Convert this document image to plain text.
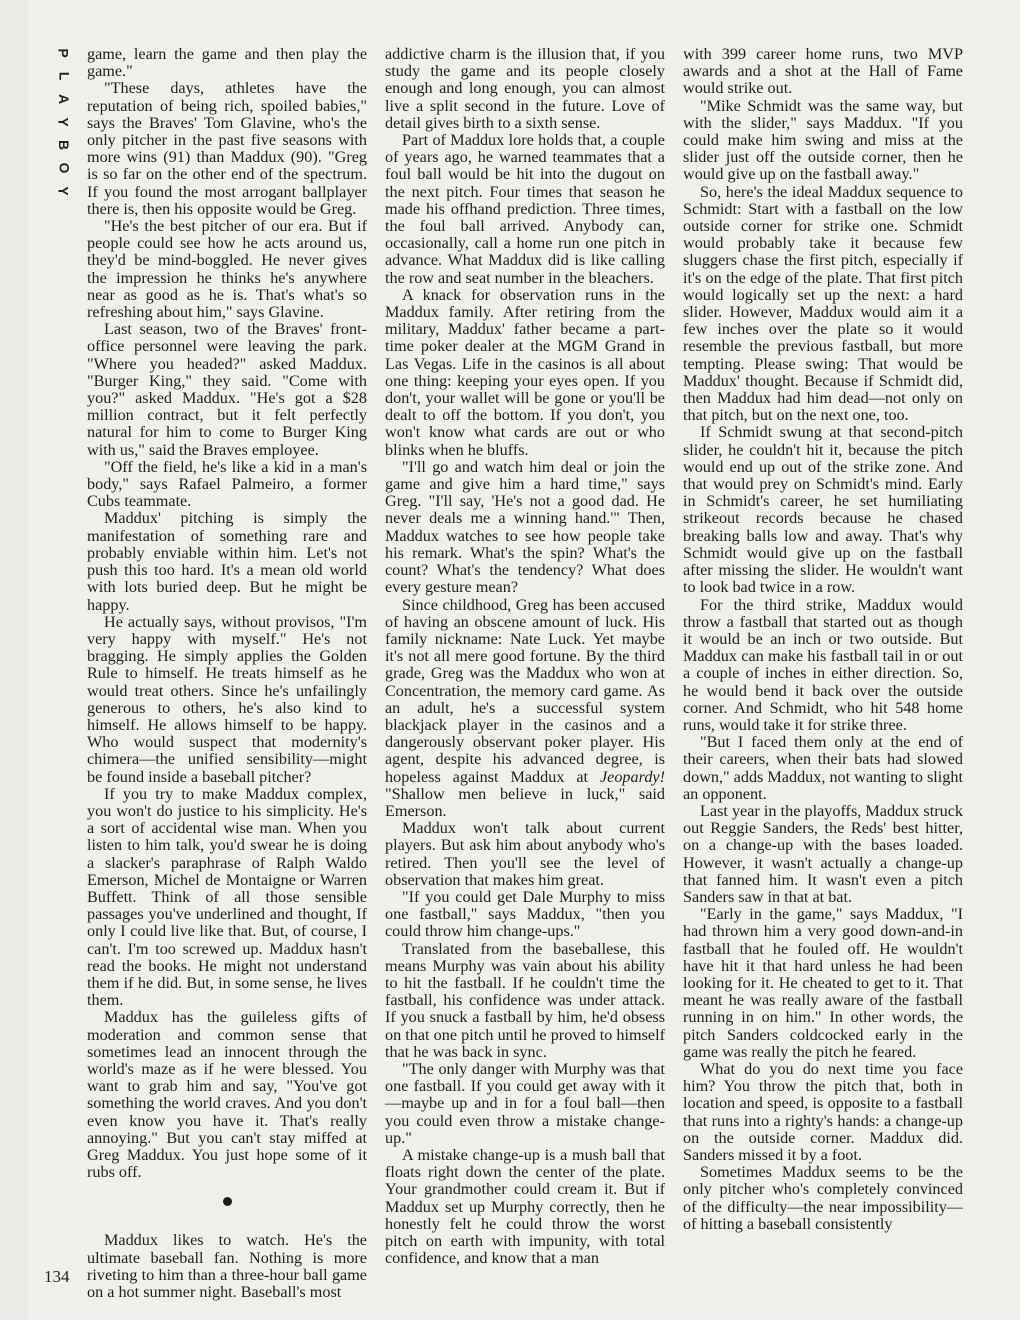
P
L
A
Y
B
O
Y

game, learn the game and then play the game."

"These days, athletes have the reputation of being rich, spoiled babies," says the Braves' Tom Glavine, who's the only pitcher in the past five seasons with more wins (91) than Maddux (90). "Greg is so far on the other end of the spectrum. If you found the most arrogant ballplayer there is, then his opposite would be Greg.

"He's the best pitcher of our era. But if people could see how he acts around us, they'd be mind-boggled. He never gives the impression he thinks he's anywhere near as good as he is. That's what's so refreshing about him," says Glavine.

Last season, two of the Braves' front-office personnel were leaving the park. "Where you headed?" asked Maddux. "Burger King," they said. "Come with you?" asked Maddux. "He's got a $28 million contract, but it felt perfectly natural for him to come to Burger King with us," said the Braves employee.

"Off the field, he's like a kid in a man's body," says Rafael Palmeiro, a former Cubs teammate.

Maddux' pitching is simply the manifestation of something rare and probably enviable within him. Let's not push this too hard. It's a mean old world with lots buried deep. But he might be happy.

He actually says, without provisos, "I'm very happy with myself." He's not bragging. He simply applies the Golden Rule to himself. He treats himself as he would treat others. Since he's unfailingly generous to others, he's also kind to himself. He allows himself to be happy. Who would suspect that modernity's chimera—the unified sensibility—might be found inside a baseball pitcher?

If you try to make Maddux complex, you won't do justice to his simplicity. He's a sort of accidental wise man. When you listen to him talk, you'd swear he is doing a slacker's paraphrase of Ralph Waldo Emerson, Michel de Montaigne or Warren Buffett. Think of all those sensible passages you've underlined and thought, If only I could live like that. But, of course, I can't. I'm too screwed up. Maddux hasn't read the books. He might not understand them if he did. But, in some sense, he lives them.

Maddux has the guileless gifts of moderation and common sense that sometimes lead an innocent through the world's maze as if he were blessed. You want to grab him and say, "You've got something the world craves. And you don't even know you have it. That's really annoying." But you can't stay miffed at Greg Maddux. You just hope some of it rubs off.

Maddux likes to watch. He's the ultimate baseball fan. Nothing is more riveting to him than a three-hour ball game on a hot summer night. Baseball's most

addictive charm is the illusion that, if you study the game and its people closely enough and long enough, you can almost live a split second in the future. Love of detail gives birth to a sixth sense.

Part of Maddux lore holds that, a couple of years ago, he warned teammates that a foul ball would be hit into the dugout on the next pitch. Four times that season he made his offhand prediction. Three times, the foul ball arrived. Anybody can, occasionally, call a home run one pitch in advance. What Maddux did is like calling the row and seat number in the bleachers.

A knack for observation runs in the Maddux family. After retiring from the military, Maddux' father became a part-time poker dealer at the MGM Grand in Las Vegas. Life in the casinos is all about one thing: keeping your eyes open. If you don't, your wallet will be gone or you'll be dealt to off the bottom. If you don't, you won't know what cards are out or who blinks when he bluffs.

"I'll go and watch him deal or join the game and give him a hard time," says Greg. "I'll say, 'He's not a good dad. He never deals me a winning hand.'" Then, Maddux watches to see how people take his remark. What's the spin? What's the count? What's the tendency? What does every gesture mean?

Since childhood, Greg has been accused of having an obscene amount of luck. His family nickname: Nate Luck. Yet maybe it's not all mere good fortune. By the third grade, Greg was the Maddux who won at Concentration, the memory card game. As an adult, he's a successful system blackjack player in the casinos and a dangerously observant poker player. His agent, despite his advanced degree, is hopeless against Maddux at Jeopardy! "Shallow men believe in luck," said Emerson.

Maddux won't talk about current players. But ask him about anybody who's retired. Then you'll see the level of observation that makes him great.

"If you could get Dale Murphy to miss one fastball," says Maddux, "then you could throw him change-ups."

Translated from the baseballese, this means Murphy was vain about his ability to hit the fastball. If he couldn't time the fastball, his confidence was under attack. If you snuck a fastball by him, he'd obsess on that one pitch until he proved to himself that he was back in sync.

"The only danger with Murphy was that one fastball. If you could get away with it—maybe up and in for a foul ball—then you could even throw a mistake change-up."

A mistake change-up is a mush ball that floats right down the center of the plate. Your grandmother could cream it. But if Maddux set up Murphy correctly, then he honestly felt he could throw the worst pitch on earth with impunity, with total confidence, and know that a man

with 399 career home runs, two MVP awards and a shot at the Hall of Fame would strike out.

"Mike Schmidt was the same way, but with the slider," says Maddux. "If you could make him swing and miss at the slider just off the outside corner, then he would give up on the fastball away."

So, here's the ideal Maddux sequence to Schmidt: Start with a fastball on the low outside corner for strike one. Schmidt would probably take it because few sluggers chase the first pitch, especially if it's on the edge of the plate. That first pitch would logically set up the next: a hard slider. However, Maddux would aim it a few inches over the plate so it would resemble the previous fastball, but more tempting. Please swing: That would be Maddux' thought. Because if Schmidt did, then Maddux had him dead—not only on that pitch, but on the next one, too.

If Schmidt swung at that second-pitch slider, he couldn't hit it, because the pitch would end up out of the strike zone. And that would prey on Schmidt's mind. Early in Schmidt's career, he set humiliating strikeout records because he chased breaking balls low and away. That's why Schmidt would give up on the fastball after missing the slider. He wouldn't want to look bad twice in a row.

For the third strike, Maddux would throw a fastball that started out as though it would be an inch or two outside. But Maddux can make his fastball tail in or out a couple of inches in either direction. So, he would bend it back over the outside corner. And Schmidt, who hit 548 home runs, would take it for strike three.

"But I faced them only at the end of their careers, when their bats had slowed down," adds Maddux, not wanting to slight an opponent.

Last year in the playoffs, Maddux struck out Reggie Sanders, the Reds' best hitter, on a change-up with the bases loaded. However, it wasn't actually a change-up that fanned him. It wasn't even a pitch Sanders saw in that at bat.

"Early in the game," says Maddux, "I had thrown him a very good down-and-in fastball that he fouled off. He wouldn't have hit it that hard unless he had been looking for it. He cheated to get to it. That meant he was really aware of the fastball running in on him." In other words, the pitch Sanders coldcocked early in the game was really the pitch he feared.

What do you do next time you face him? You throw the pitch that, both in location and speed, is opposite to a fastball that runs into a righty's hands: a change-up on the outside corner. Maddux did. Sanders missed it by a foot.

Sometimes Maddux seems to be the only pitcher who's completely convinced of the difficulty—the near impossibility—of hitting a baseball consistently

134
